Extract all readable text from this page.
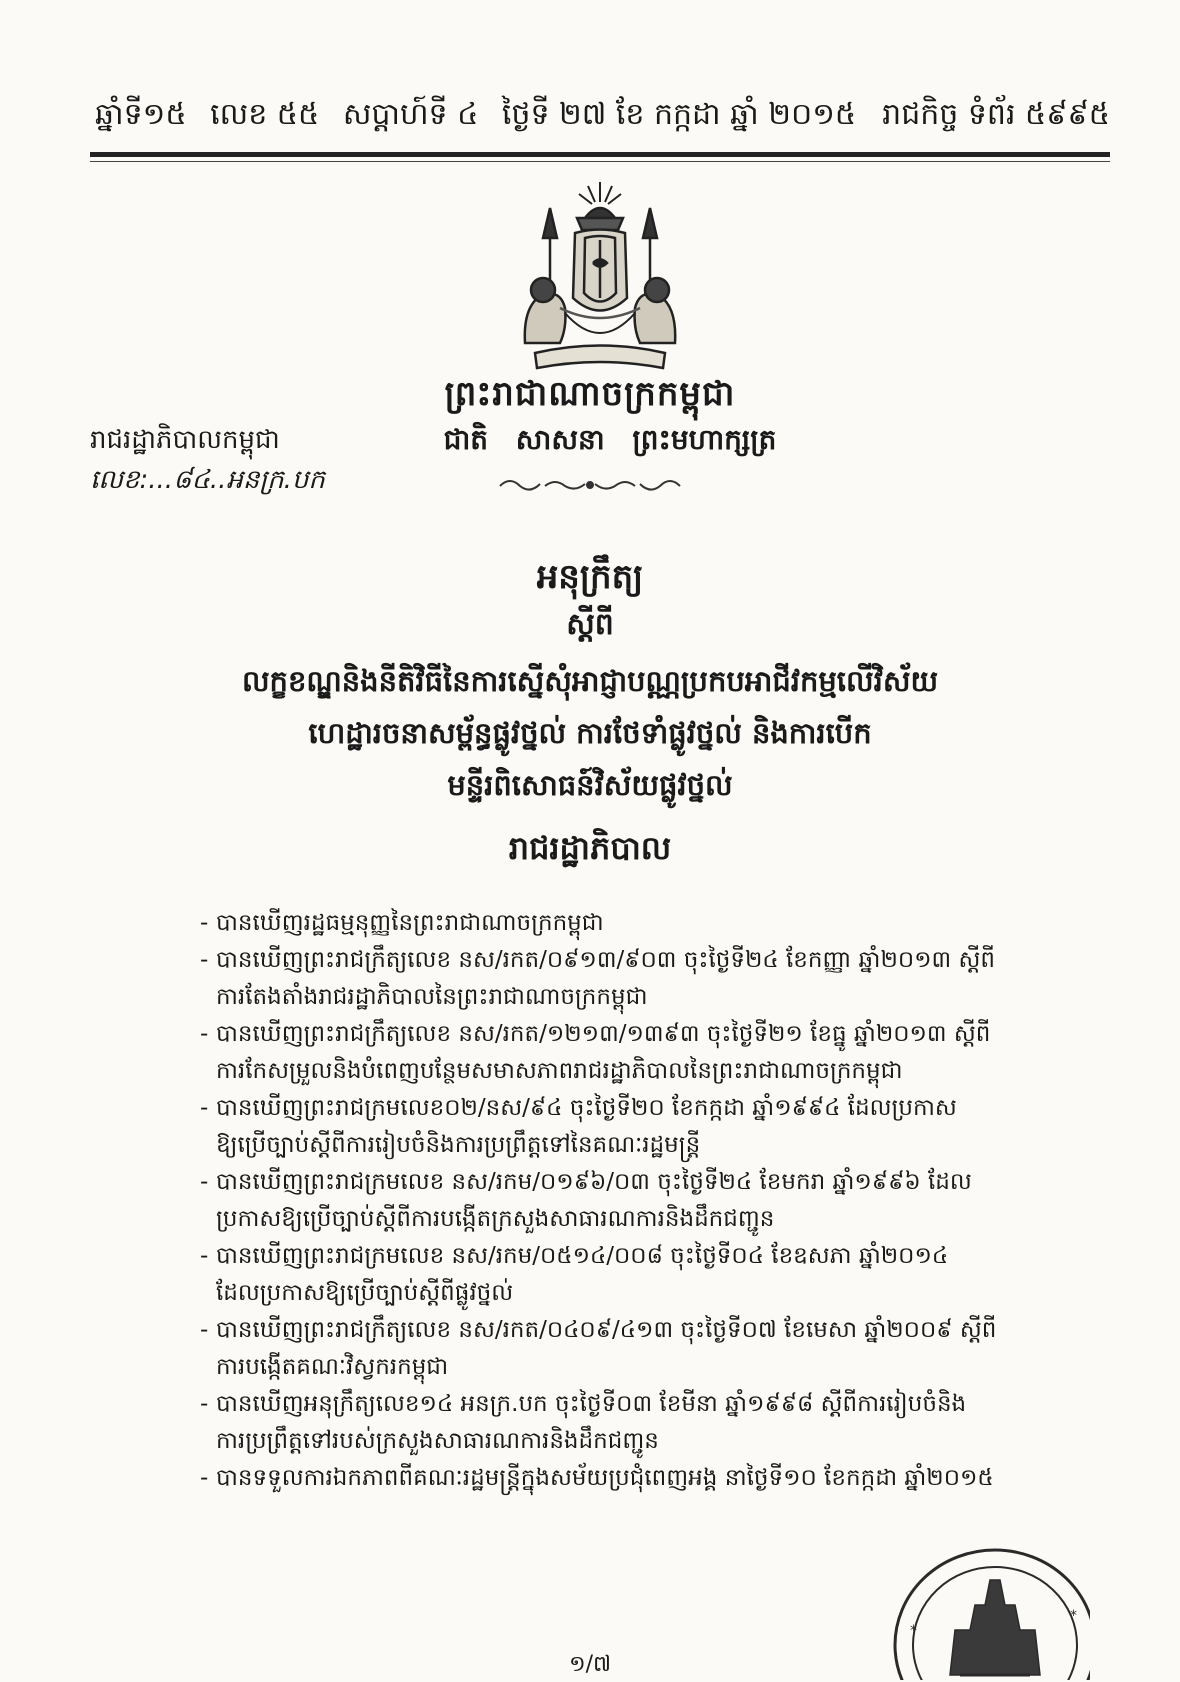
ឆ្នាំទី១៥ លេខ ៥៥ សប្តាហ៍ទី ៤ ថ្ងៃទី ២៧ ខែ កក្កដា ឆ្នាំ ២០១៥ រាជកិច្ច ទំព័រ ៥៩៩៥
ព្រះរាជាណាចក្រកម្ពុជា
រាជរដ្ឋាភិបាលកម្ពុជា
លេខ:...៨៤..អនក្រ.បក
ជាតិ សាសនា ព្រះមហាក្សត្រ
អនុក្រឹត្យ
ស្តីពី
លក្ខខណ្ឌនិងនីតិវិធីនៃការស្នើសុំអាជ្ញាបណ្ណប្រកបអាជីវកម្មលើវិស័យ
ហេដ្ឋារចនាសម្ព័ន្ធផ្លូវថ្នល់ ការថែទាំផ្លូវថ្នល់ និងការបើក
មន្ទីរពិសោធន៍វិស័យផ្លូវថ្នល់
រាជរដ្ឋាភិបាល
- បានឃើញរដ្ឋធម្មនុញ្ញនៃព្រះរាជាណាចក្រកម្ពុជា
- បានឃើញព្រះរាជក្រឹត្យលេខ នស/រកត/០៩១៣/៩០៣ ចុះថ្ងៃទី២៤ ខែកញ្ញា ឆ្នាំ២០១៣ ស្តីពី
ការតែងតាំងរាជរដ្ឋាភិបាលនៃព្រះរាជាណាចក្រកម្ពុជា
- បានឃើញព្រះរាជក្រឹត្យលេខ នស/រកត/១២១៣/១៣៩៣ ចុះថ្ងៃទី២១ ខែធ្នូ ឆ្នាំ២០១៣ ស្តីពី
ការកែសម្រួលនិងបំពេញបន្ថែមសមាសភាពរាជរដ្ឋាភិបាលនៃព្រះរាជាណាចក្រកម្ពុជា
- បានឃើញព្រះរាជក្រមលេខ០២/នស/៩៤ ចុះថ្ងៃទី២០ ខែកក្កដា ឆ្នាំ១៩៩៤ ដែលប្រកាស
ឱ្យប្រើច្បាប់ស្តីពីការរៀបចំនិងការប្រព្រឹត្តទៅនៃគណៈរដ្ឋមន្ត្រី
- បានឃើញព្រះរាជក្រមលេខ នស/រកម/០១៩៦/០៣ ចុះថ្ងៃទី២៤ ខែមករា ឆ្នាំ១៩៩៦ ដែល
ប្រកាសឱ្យប្រើច្បាប់ស្តីពីការបង្កើតក្រសួងសាធារណការនិងដឹកជញ្ជូន
- បានឃើញព្រះរាជក្រមលេខ នស/រកម/០៥១៤/០០៨ ចុះថ្ងៃទី០៤ ខែឧសភា ឆ្នាំ២០១៤
ដែលប្រកាសឱ្យប្រើច្បាប់ស្តីពីផ្លូវថ្នល់
- បានឃើញព្រះរាជក្រឹត្យលេខ នស/រកត/០៤០៩/៤១៣ ចុះថ្ងៃទី០៧ ខែមេសា ឆ្នាំ២០០៩ ស្តីពី
ការបង្កើតគណៈវិស្វករកម្ពុជា
- បានឃើញអនុក្រឹត្យលេខ១៤ អនក្រ.បក ចុះថ្ងៃទី០៣ ខែមីនា ឆ្នាំ១៩៩៨ ស្តីពីការរៀបចំនិង
ការប្រព្រឹត្តទៅរបស់ក្រសួងសាធារណការនិងដឹកជញ្ជូន
- បានទទួលការឯកភាពពីគណៈរដ្ឋមន្ត្រីក្នុងសម័យប្រជុំពេញអង្គ នាថ្ងៃទី១០ ខែកក្កដា ឆ្នាំ២០១៥
*
*
១/៧
